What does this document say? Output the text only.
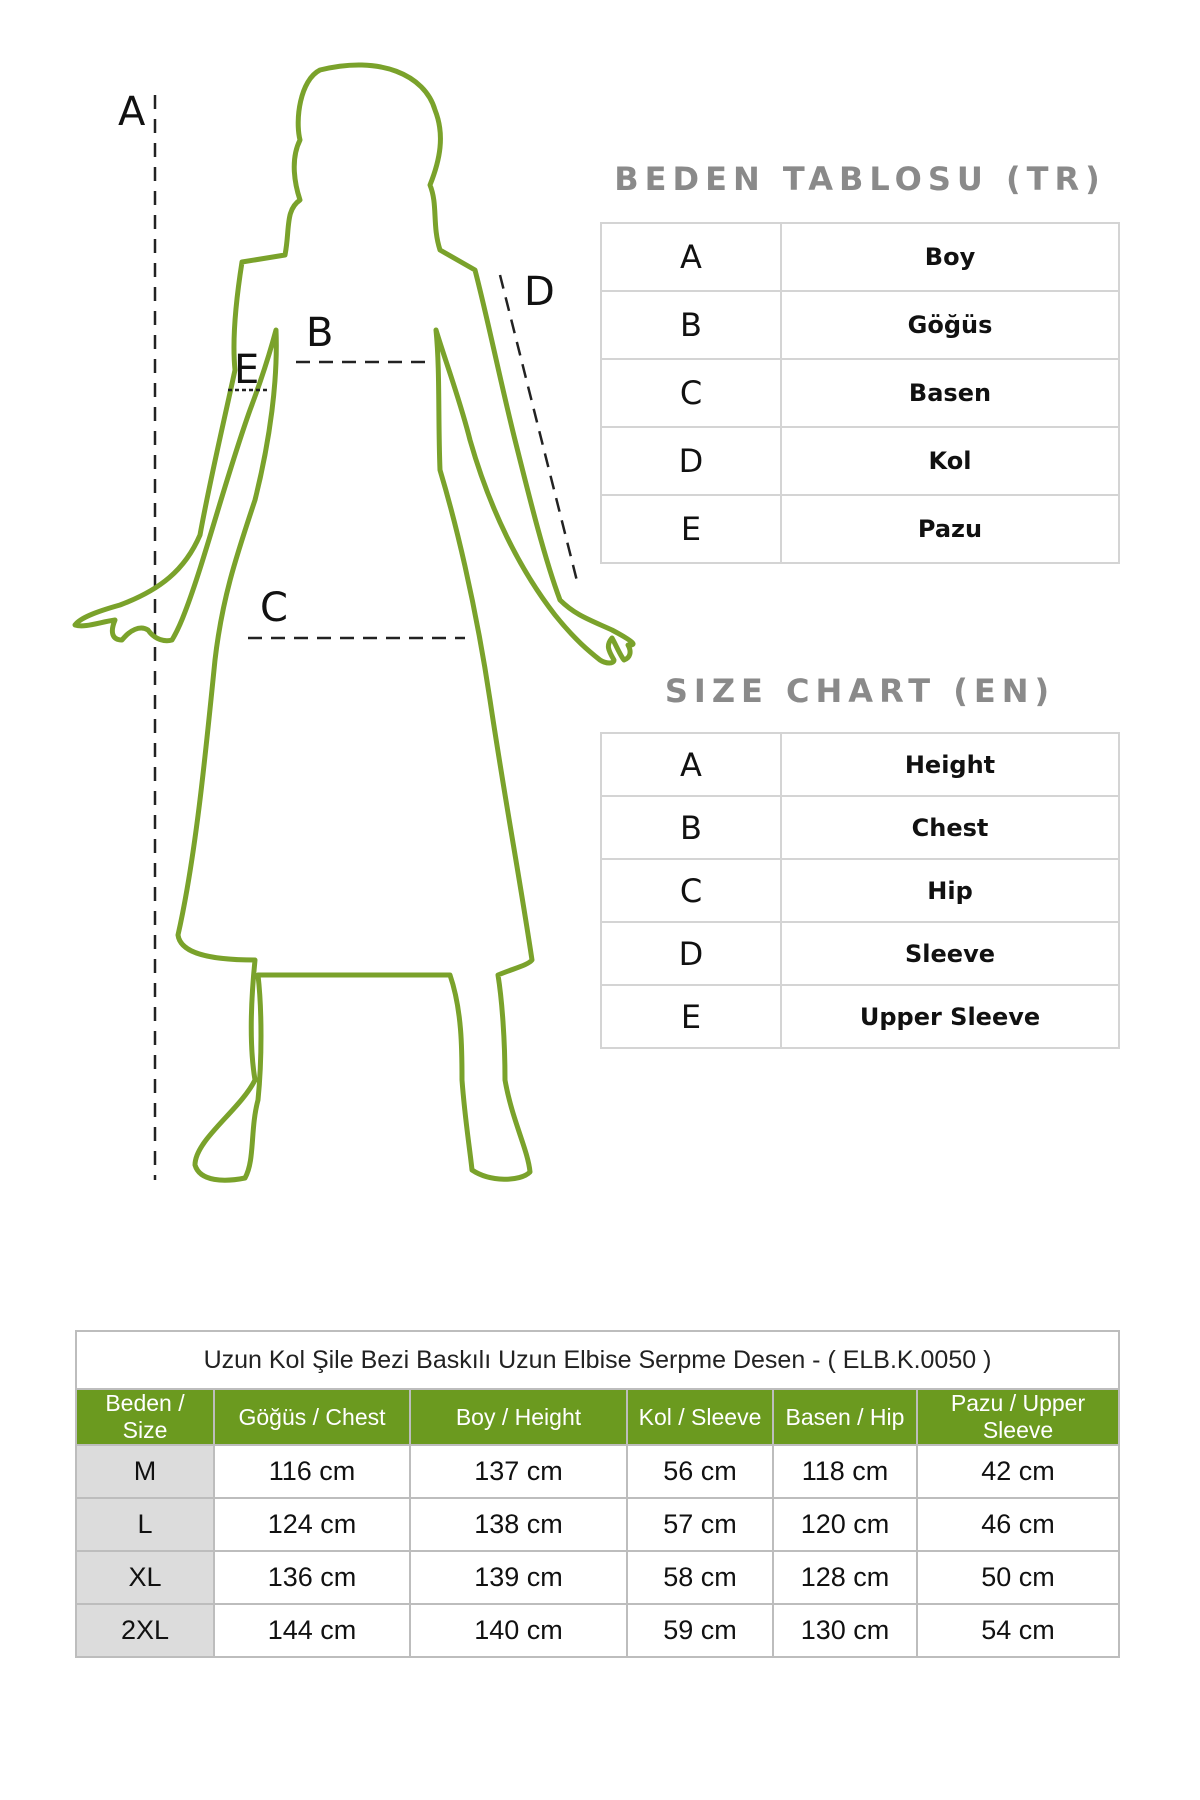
A
B
E
D
C
BEDEN TABLOSU (TR)
A	Boy
B	Göğüs
C	Basen
D	Kol
E	Pazu
SIZE CHART (EN)
A	Height
B	Chest
C	Hip
D	Sleeve
E	Upper Sleeve
Uzun Kol Şile Bezi Baskılı Uzun Elbise Serpme Desen - ( ELB.K.0050 )
Beden / Size	Göğüs / Chest	Boy / Height	Kol / Sleeve	Basen / Hip	Pazu / Upper Sleeve
M	116 cm	137 cm	56 cm	118 cm	42 cm
L	124 cm	138 cm	57 cm	120 cm	46 cm
XL	136 cm	139 cm	58 cm	128 cm	50 cm
2XL	144 cm	140 cm	59 cm	130 cm	54 cm
